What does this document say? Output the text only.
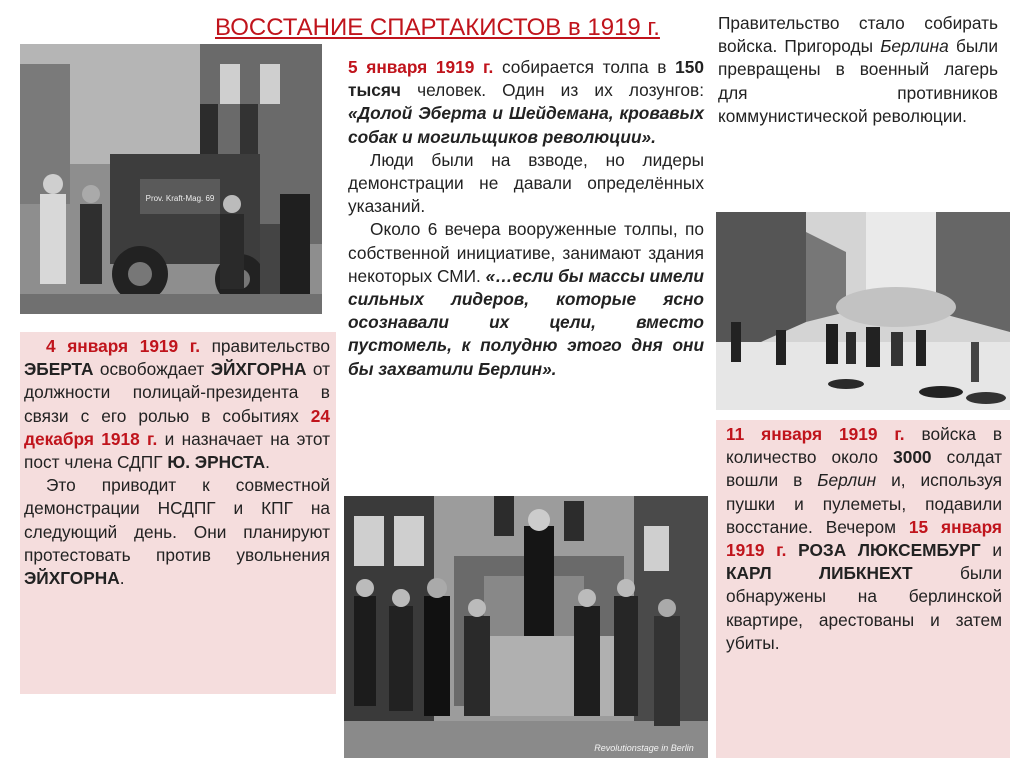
ВОССТАНИЕ СПАРТАКИСТОВ в 1919 г.
Prov. Kraft-Mag. 69
Revolutionstage in Berlin

5 января 1919 г. собирается толпа в 150 тысяч человек. Один из их лозунгов: «Долой Эберта и Шейдемана, кровавых собак и могильщиков революции».

Люди были на взводе, но лидеры демонстрации не давали определённых указаний.

Около 6 вечера вооруженные толпы, по собственной инициативе, занимают здания некоторых СМИ. «…если бы массы имели сильных лидеров, которые ясно осознавали их цели, вместо пустомель, к полудню этого дня они бы захватили Берлин».

4 января 1919 г. правительство ЭБЕРТА освобождает ЭЙХГОРНА от должности полицай-президента в связи с его ролью в событиях 24 декабря 1918 г. и назначает на этот пост члена СДПГ Ю. ЭРНСТА.

Это приводит к совместной демонстрации НСДПГ и КПГ на следующий день. Они планируют протестовать против увольнения ЭЙХГОРНА.

Правительство стало собирать войска. Пригороды Берлина были превращены в военный лагерь для противников коммунистической революции.

11 января 1919 г. войска в количество около 3000 солдат вошли в Берлин и, используя пушки и пулеметы, подавили восстание. Вечером 15 января 1919 г. РОЗА ЛЮКСЕМБУРГ и КАРЛ ЛИБКНЕХТ были обнаружены на берлинской квартире, арестованы и затем убиты.
